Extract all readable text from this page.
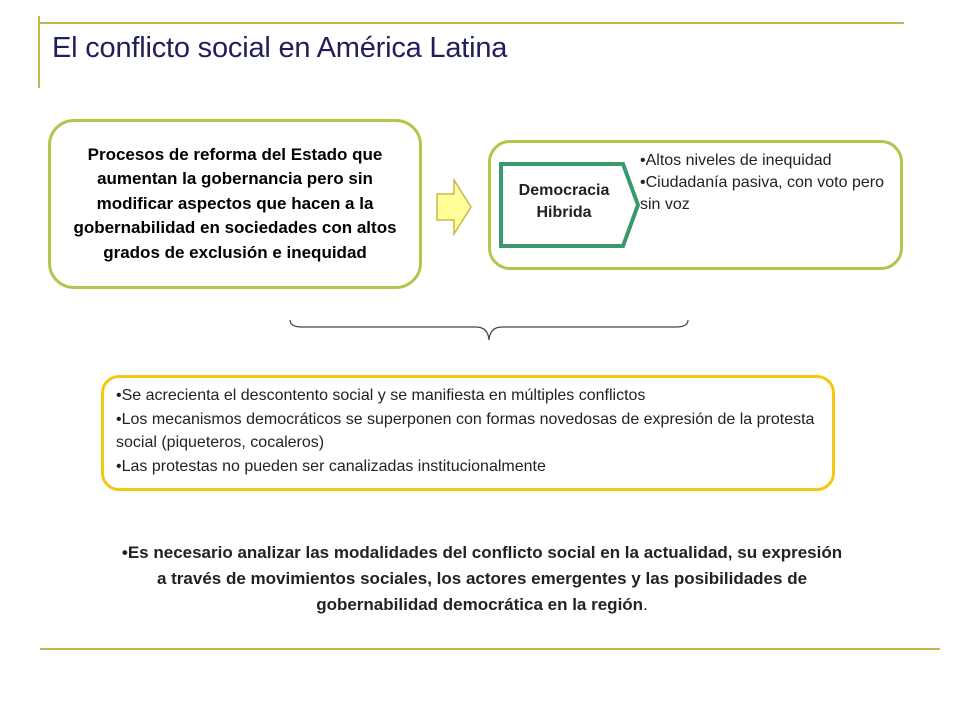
El conflicto social en América Latina
Procesos de reforma del Estado que aumentan la gobernancia pero sin modificar aspectos que hacen a la gobernabilidad en sociedades con altos grados de exclusión e inequidad
Democracia
Hibrida
•Altos niveles de inequidad
•Ciudadanía pasiva, con voto pero sin voz
•Se acrecienta el descontento social y se manifiesta en múltiples conflictos
•Los mecanismos democráticos se superponen con formas novedosas de expresión de la protesta social (piqueteros, cocaleros)
•Las protestas no pueden ser canalizadas institucionalmente
•Es necesario analizar las modalidades del conflicto social en la actualidad, su expresión a través de movimientos sociales, los actores emergentes y las posibilidades de gobernabilidad democrática en la región.
